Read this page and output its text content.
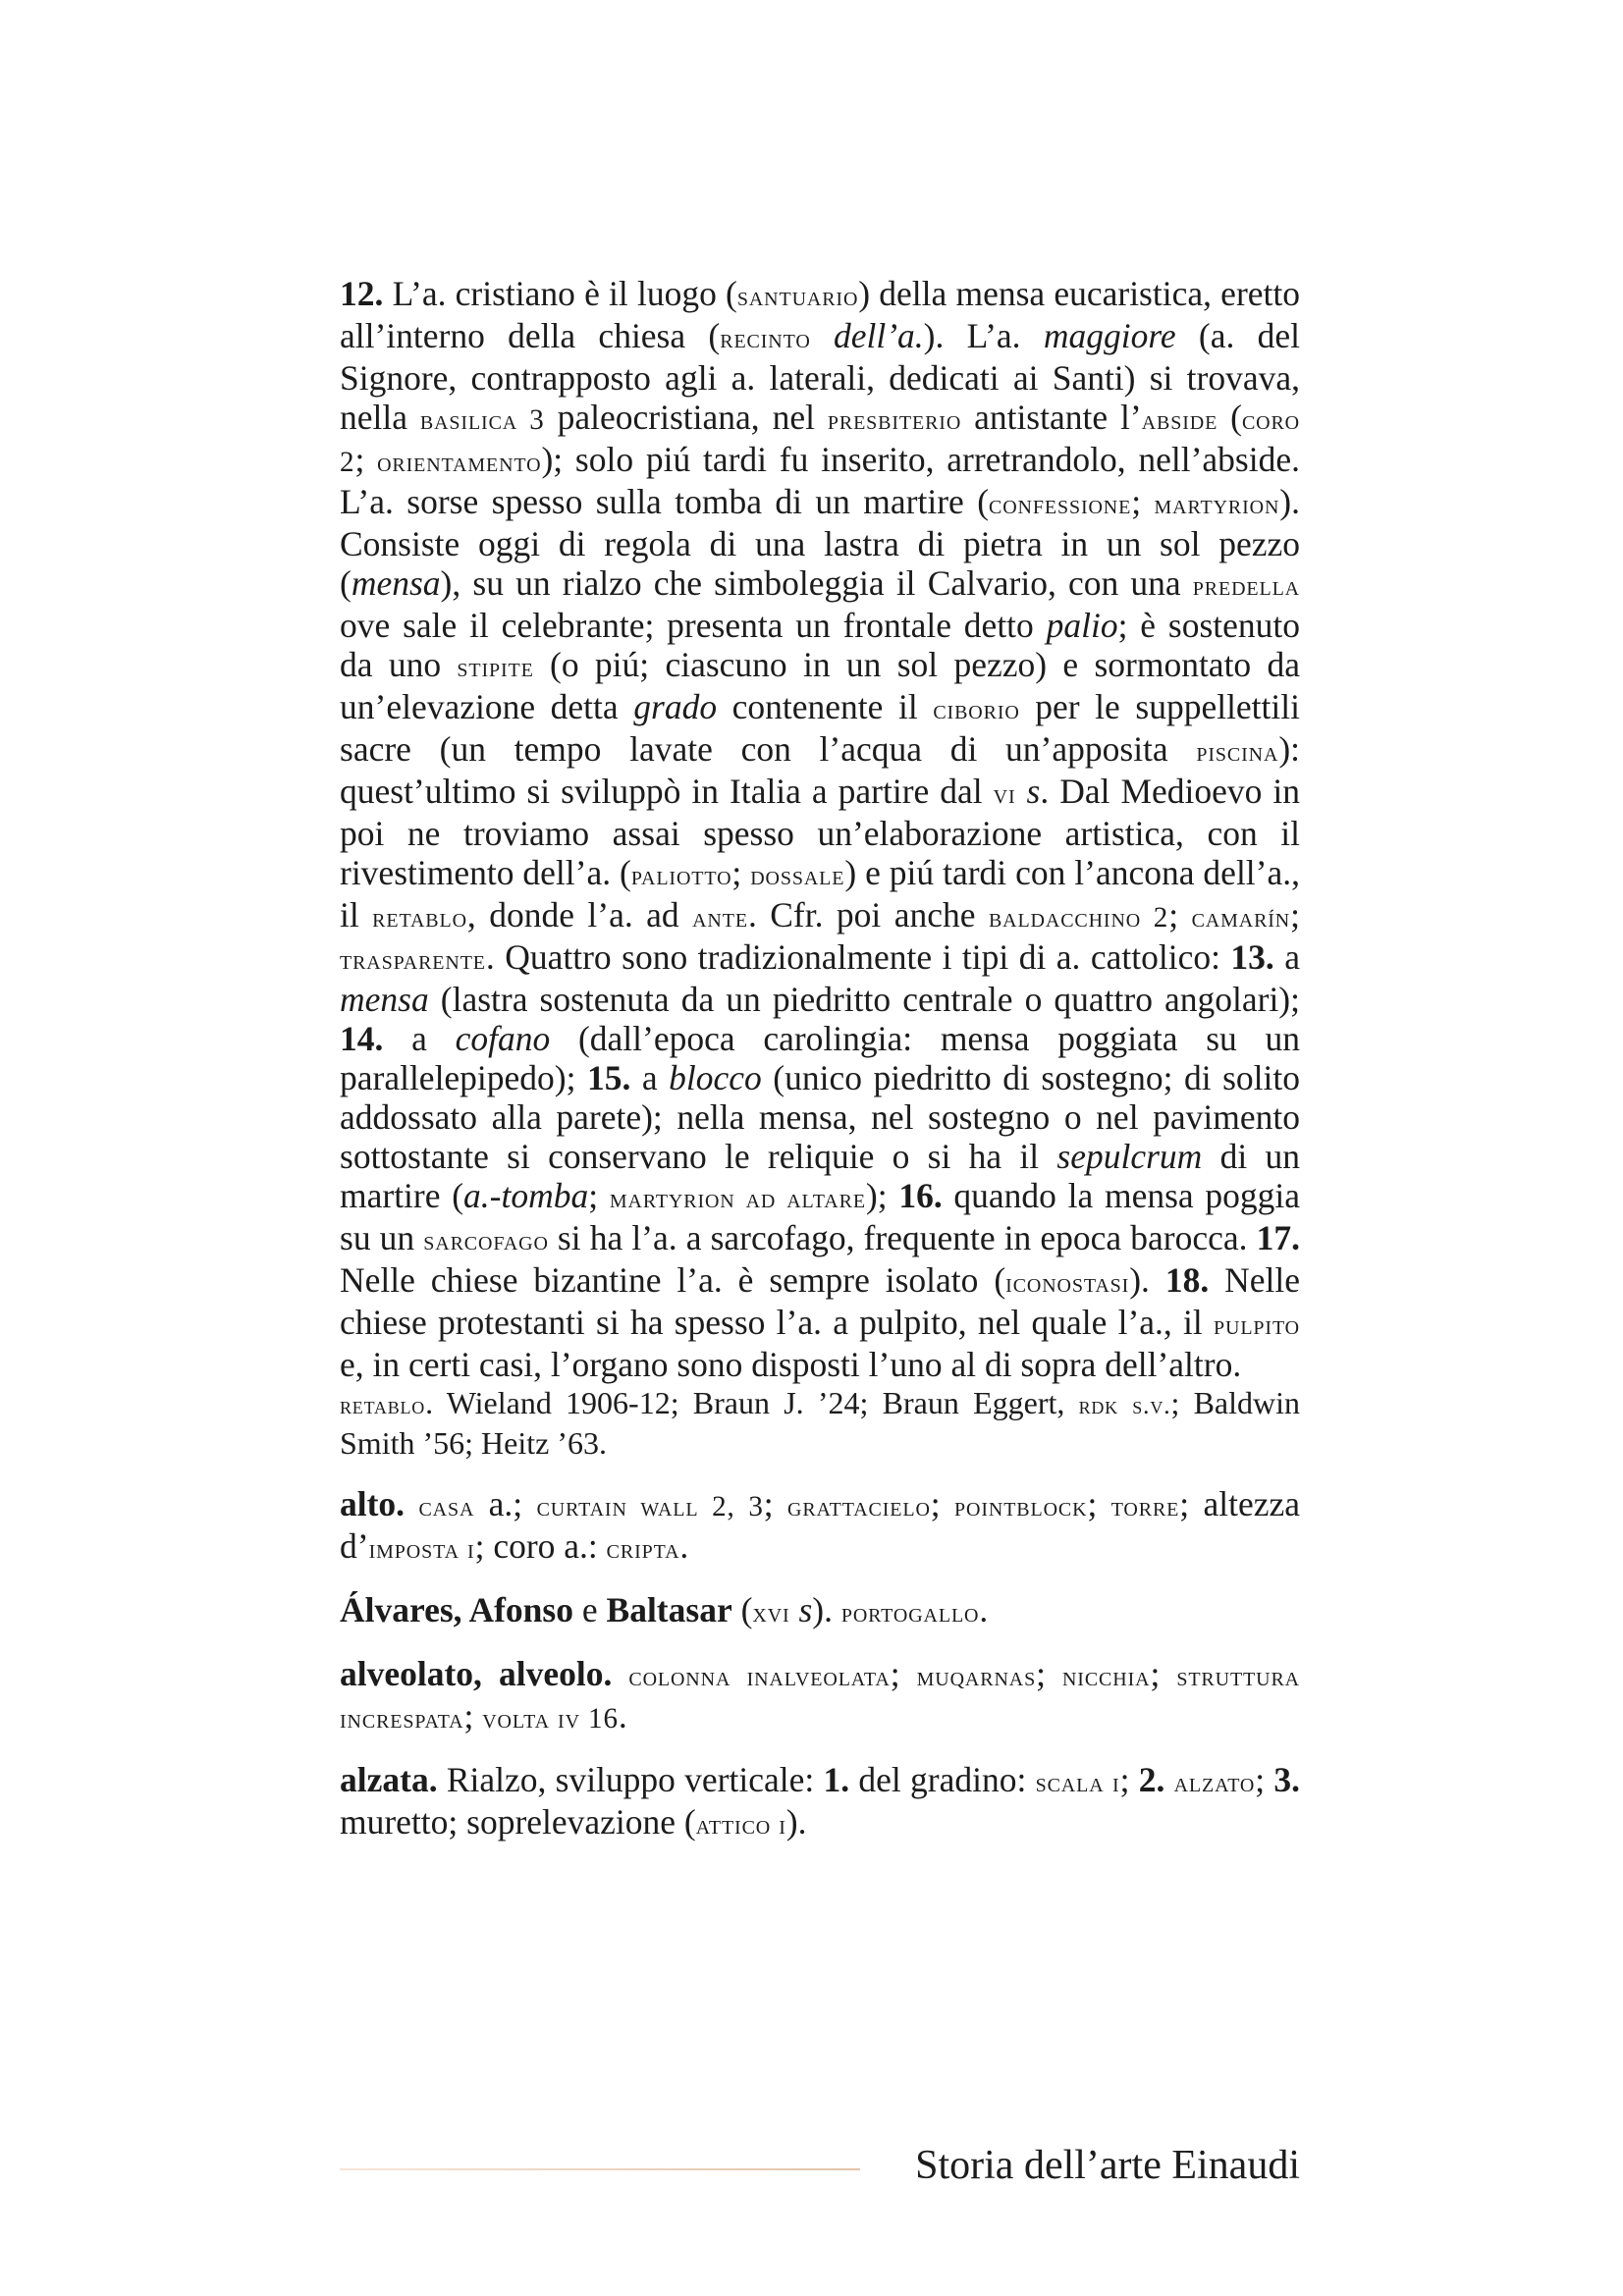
12. L’a. cristiano è il luogo (santuario) della mensa eucaristica, eretto all’interno della chiesa (recinto dell’a.). L’a. maggiore (a. del Signore, contrapposto agli a. laterali, dedicati ai Santi) si trovava, nella basilica 3 paleocristiana, nel presbiterio antistante l’abside (coro 2; orientamento); solo piú tardi fu inserito, arretrandolo, nell’abside. L’a. sorse spesso sulla tomba di un martire (confessione; martyrion). Consiste oggi di regola di una lastra di pietra in un sol pezzo (mensa), su un rialzo che simboleggia il Calvario, con una predella ove sale il celebrante; presenta un frontale detto palio; è sostenuto da uno stipite (o piú; ciascuno in un sol pezzo) e sormontato da un’elevazione detta grado contenente il ciborio per le suppellettili sacre (un tempo lavate con l’acqua di un’apposita piscina): quest’ultimo si sviluppò in Italia a partire dal vi s. Dal Medioevo in poi ne troviamo assai spesso un’elaborazione artistica, con il rivestimento dell’a. (paliotto; dossale) e piú tardi con l’ancona dell’a., il retablo, donde l’a. ad ante. Cfr. poi anche baldacchino 2; camarín; trasparente. Quattro sono tradizionalmente i tipi di a. cattolico: 13. a mensa (lastra sostenuta da un piedritto centrale o quattro angolari); 14. a cofano (dall’epoca carolingia: mensa poggiata su un parallelepipedo); 15. a blocco (unico piedritto di sostegno; di solito addossato alla parete); nella mensa, nel sostegno o nel pavimento sottostante si conservano le reliquie o si ha il sepulcrum di un martire (a.-tomba; martyrion ad altare); 16. quando la mensa poggia su un sarcofago si ha l’a. a sarcofago, frequente in epoca barocca. 17. Nelle chiese bizantine l’a. è sempre isolato (iconostasi). 18. Nelle chiese protestanti si ha spesso l’a. a pulpito, nel quale l’a., il pulpito e, in certi casi, l’organo sono disposti l’uno al di sopra dell’altro.

retablo. Wieland 1906-12; Braun J. ’24; Braun Eggert, rdk s.v.; Baldwin Smith ’56; Heitz ’63.

alto. casa a.; curtain wall 2, 3; grattacielo; pointblock; torre; altezza d’imposta i; coro a.: cripta.

Álvares, Afonso e Baltasar (xvi s). portogallo.

alveolato, alveolo. colonna inalveolata; muqarnas; nicchia; struttura increspata; volta iv 16.

alzata. Rialzo, sviluppo verticale: 1. del gradino: scala i; 2. alzato; 3. muretto; soprelevazione (attico i).

Storia dell’arte Einaudi
